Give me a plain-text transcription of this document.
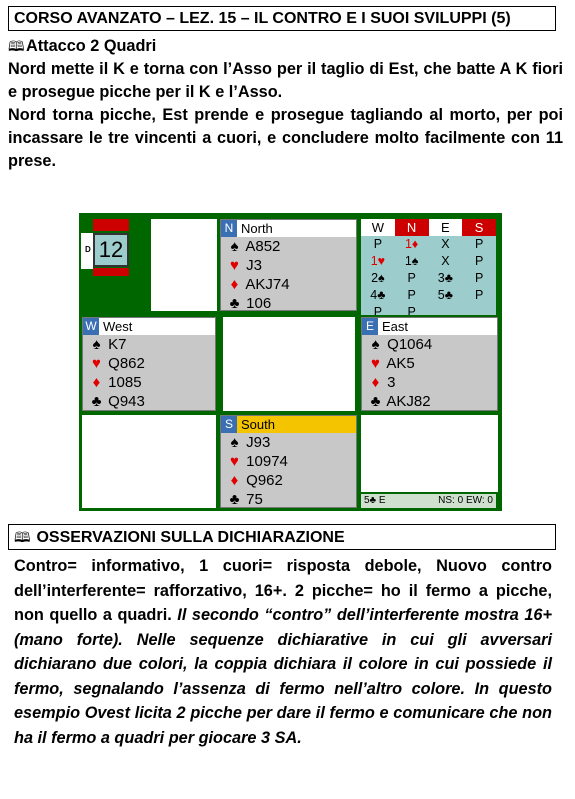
CORSO AVANZATO – LEZ. 15 – IL CONTRO E I SUOI SVILUPPI (5)

🕮Attacco 2 Quadri

Nord mette il K e torna con l’Asso per il taglio di Est, che batte A K fiori e prosegue picche per il K e l’Asso.

Nord torna picche, Est prende e prosegue tagliando al morto, per poi incassare le tre vincenti a cuori, e concludere molto facilmente con 11 prese.

D 12
N North
♠ A852
♥ J3
♦ AKJ74
♣ 106
W	N	E	S
P	1♦	X	P
1♥	1♠	X	P
2♠	P	3♣	P
4♣	P	5♣	P
P	P
W West
♠ K7
♥ Q862
♦ 1085
♣ Q943
E East
♠ Q1064
♥ AK5
♦ 3
♣ AKJ82
S South
♠ J93
♥ 10974
♦ Q962
♣ 75	5♣ E	NS: 0 EW: 0
🕮 OSSERVAZIONI SULLA DICHIARAZIONE
Contro= informativo, 1 cuori= risposta debole, Nuovo contro dell’interferente= rafforzativo, 16+. 2 picche= ho il fermo a picche, non quello a quadri. Il secondo “contro” dell’interferente mostra 16+ (mano forte). Nelle sequenze dichiarative in cui gli avversari dichiarano due colori, la coppia dichiara il colore in cui possiede il fermo, segnalando l’assenza di fermo nell’altro colore. In questo esempio Ovest licita 2 picche per dare il fermo e comunicare che non ha il fermo a quadri per giocare 3 SA.
